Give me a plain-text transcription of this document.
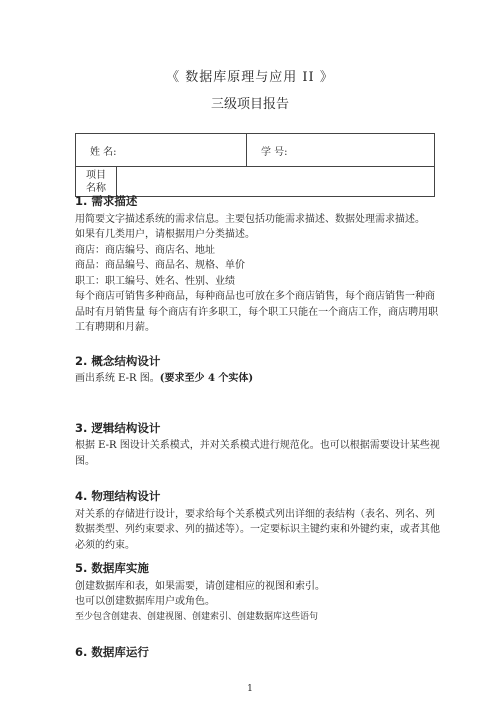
《 数据库原理与应用 II 》
三级项目报告
姓 名:	学 号:

项目
名称	
1. 需求描述

用简要文字描述系统的需求信息。主要包括功能需求描述、数据处理需求描述。

如果有几类用户，请根据用户分类描述。

商店：商店编号、商店名、地址

商品：商品编号、商品名、规格、单价

职工：职工编号、姓名、性别、业绩

每个商店可销售多种商品，每种商品也可放在多个商店销售，每个商店销售一种商品时有月销售量 每个商店有许多职工，每个职工只能在一个商店工作，商店聘用职工有聘期和月薪。

2. 概念结构设计

画出系统 E-R 图。(要求至少 4 个实体)

3. 逻辑结构设计

根据 E-R 图设计关系模式，并对关系模式进行规范化。也可以根据需要设计某些视图。

4. 物理结构设计

对关系的存储进行设计，要求给每个关系模式列出详细的表结构（表名、列名、列数据类型、列约束要求、列的描述等）。一定要标识主键约束和外键约束，或者其他必须的约束。

5. 数据库实施

创建数据库和表，如果需要，请创建相应的视图和索引。

也可以创建数据库用户或角色。

至少包含创建表、创建视图、创建索引、创建数据库这些语句

6. 数据库运行
1
